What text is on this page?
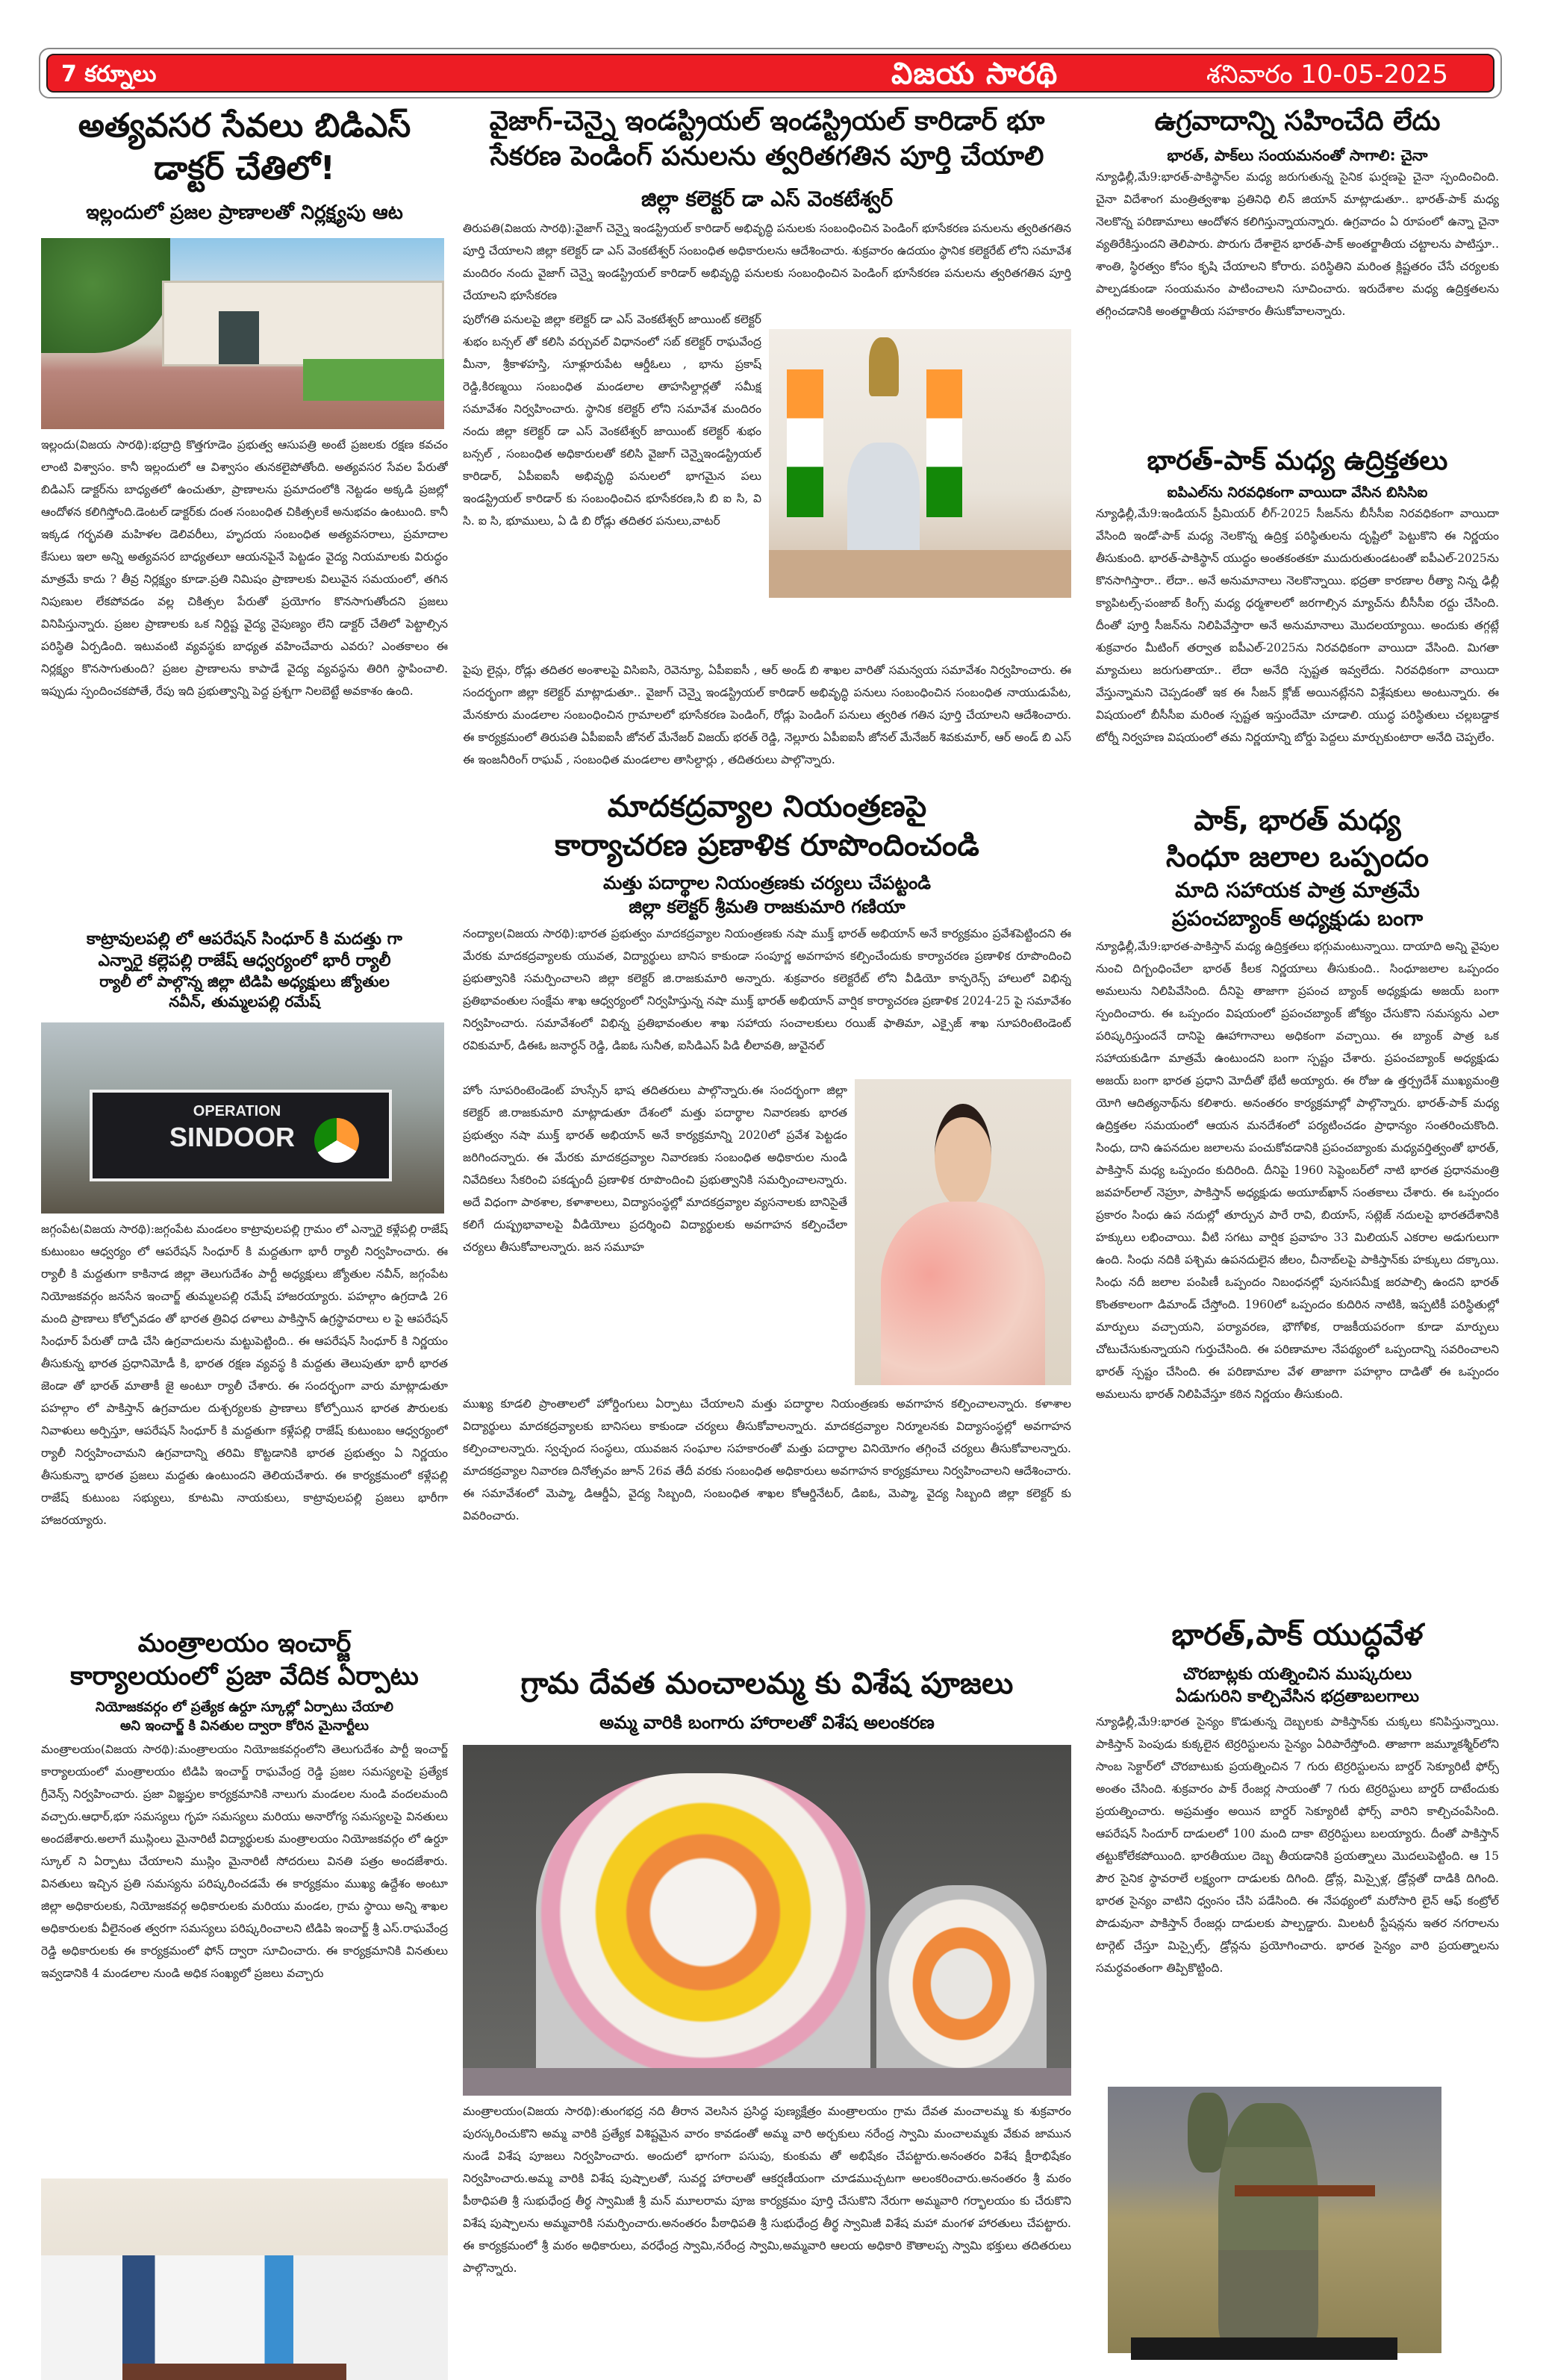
7 కర్నూలు	విజయ సారథి	శనివారం 10-05-2025
అత్యవసర సేవలు బిడిఎస్
డాక్టర్ చేతిలో!
ఇల్లందులో ప్రజల ప్రాణాలతో నిర్లక్ష్యపు ఆట
ఇల్లందు(విజయ సారథి):భద్రాద్రి కొత్తగూడెం ప్రభుత్వ ఆసుపత్రి అంటే ప్రజలకు రక్షణ కవచం లాంటి విశ్వాసం. కానీ ఇల్లందులో ఆ విశ్వాసం తునకలైపోతోంది. అత్యవసర సేవల పేరుతో బిడిఎస్ డాక్టర్‌ను బాధ్యతలో ఉంచుతూ, ప్రాణాలను ప్రమాదంలోకి నెట్టడం అక్కడి ప్రజల్లో ఆందోళన కలిగిస్తోంది.డెంటల్ డాక్టర్‌కు దంత సంబంధిత చికిత్సలకే అనుభవం ఉంటుంది. కానీ ఇక్కడ గర్భవతి మహిళల డెలివరీలు, హృదయ సంబంధిత అత్యవసరాలు, ప్రమాదాల కేసులు ఇలా అన్ని అత్యవసర బాధ్యతలూ ఆయనపైనే పెట్టడం వైద్య నియమాలకు విరుద్ధం మాత్రమే కాదు ? తీవ్ర నిర్లక్ష్యం కూడా.ప్రతి నిమిషం ప్రాణాలకు విలువైన సమయంలో, తగిన నిపుణుల లేకపోవడం వల్ల చికిత్సల పేరుతో ప్రయోగం కొనసాగుతోందని ప్రజలు వినిపిస్తున్నారు. ప్రజల ప్రాణాలకు ఒక నిర్దిష్ట వైద్య నైపుణ్యం లేని డాక్టర్ చేతిలో పెట్టాల్సిన పరిస్థితి ఏర్పడింది. ఇటువంటి వ్యవస్థకు బాధ్యత వహించేవారు ఎవరు? ఎంతకాలం ఈ నిర్లక్ష్యం కొనసాగుతుంది? ప్రజల ప్రాణాలను కాపాడే వైద్య వ్యవస్థను తిరిగి స్థాపించాలి. ఇప్పుడు స్పందించకపోతే, రేపు ఇది ప్రభుత్వాన్ని పెద్ద ప్రశ్నగా నిలబెట్టే అవకాశం ఉంది.
కాట్రావులపల్లి లో ఆపరేషన్ సింధూర్ కి మదత్తు గా
ఎన్నారై కల్లెపల్లి రాజేష్ ఆధ్వర్యంలో భారీ ర్యాలీ
ర్యాలీ లో పాల్గొన్న జిల్లా టిడిపి అధ్యక్షులు జ్యోతుల
నవీన్, తుమ్మలపల్లి రమేష్
OPERATION
SINDOOR
జగ్గంపేట(విజయ సారథి):జగ్గంపేట మండలం కాట్రావులపల్లి గ్రామం లో ఎన్నారై కళ్లేపల్లి రాజేష్ కుటుంబం ఆధ్వర్యం లో ఆపరేషన్ సింధూర్ కి మద్దతుగా భారీ ర్యాలీ నిర్వహించారు. ఈ ర్యాలీ కి మద్దతుగా కాకినాడ జిల్లా తెలుగుదేశం పార్టీ అధ్యక్షులు జ్యోతుల నవీన్, జగ్గంపేట నియోజకవర్గం జనసేన ఇంచార్జ్ తుమ్మలపల్లి రమేష్ హాజరయ్యారు. పహల్గాం ఉగ్రదాడి 26 మంది ప్రాణాలు కోల్పోవడం తో భారత త్రివిధ దళాలు పాకిస్తాన్ ఉగ్రస్థావరాలు ల పై ఆపరేషన్ సింధూర్ పేరుతో దాడి చేసి ఉగ్రవాదులను మట్టుపెట్టింది.. ఈ ఆపరేషన్ సింధూర్ కి నిర్ణయం తీసుకున్న భారత ప్రధానిమోడీ కి, భారత రక్షణ వ్యవస్థ కి మద్దతు తెలుపుతూ భారీ భారత జెండా తో భారత్ మాతాకీ జై అంటూ ర్యాలీ చేశారు. ఈ సందర్భంగా వారు మాట్లాడుతూ పహల్గాం లో పాకిస్తాన్ ఉగ్రవాదుల దుశ్చర్యలకు ప్రాణాలు కోల్పోయిన భారత పౌరులకు నివాళులు అర్పిస్తూ, ఆపరేషన్ సింధూర్ కి మద్దతుగా కళ్లేపల్లి రాజేష్ కుటుంబం ఆధ్వర్యంలో ర్యాలీ నిర్వహించామని ఉగ్రవాదాన్ని తరిమి కొట్టడానికి భారత ప్రభుత్వం ఏ నిర్ణయం తీసుకున్నా భారత ప్రజలు మద్దతు ఉంటుందని తెలియచేశారు. ఈ కార్యక్రమంలో కళ్లేపల్లి రాజేష్ కుటుంబ సభ్యులు, కూటమి నాయకులు, కాట్రావులపల్లి ప్రజలు భారీగా హాజరయ్యారు.
మంత్రాలయం ఇంచార్జ్
కార్యాలయంలో ప్రజా వేదిక ఏర్పాటు
నియోజకవర్గం లో ప్రత్యేక ఉర్దూ స్కూల్లో ఏర్పాటు చేయాలి
అని ఇంచార్జ్ కి వినతుల ద్వారా కోరిన మైనార్టీలు
మంత్రాలయం(విజయ సారథి):మంత్రాలయం నియోజకవర్గంలోని తెలుగుదేశం పార్టీ ఇంచార్జ్ కార్యాలయంలో మంత్రాలయం టిడిపి ఇంచార్జ్ రాఘవేంద్ర రెడ్డి ప్రజల సమస్యలపై ప్రత్యేక గ్రీవెన్స్ నిర్వహించారు. ప్రజా విజ్ఞప్తుల కార్యక్రమానికి నాలుగు మండలల నుండి వందలమంది వచ్చారు.ఆధార్,భూ సమస్యలు గృహ సమస్యలు మరియు అనారోగ్య సమస్యలపై వినతులు అందజేశారు.అలాగే ముస్లింలు మైనారిటీ విద్యార్థులకు మంత్రాలయం నియోజకవర్గం లో ఉర్దూ స్కూల్ ని ఏర్పాటు చేయాలని ముస్లిం మైనారిటీ సోదరులు వినతి పత్రం అందజేశారు. వినతులు ఇచ్చిన ప్రతి సమస్యను పరిష్కరించడమే ఈ కార్యక్రమం ముఖ్య ఉద్దేశం అంటూ జిల్లా అధికారులకు, నియోజకవర్గ అధికారులకు మరియు మండల, గ్రామ స్థాయి అన్ని శాఖల అధికారులకు వీలైనంత త్వరగా సమస్యలు పరిష్కరించాలని టిడిపి ఇంచార్జ్ శ్రీ ఎస్.రాఘవేంద్ర రెడ్డి అధికారులకు ఈ కార్యక్రమంలో ఫోన్ ద్వారా సూచించారు. ఈ కార్యక్రమానికి వినతులు ఇవ్వడానికి 4 మండలాల నుండి అధిక సంఖ్యలో ప్రజలు వచ్చారు
వైజాగ్-చెన్నై ఇండస్ట్రియల్ ఇండస్ట్రియల్ కారిడార్ భూ
సేకరణ పెండింగ్ పనులను త్వరితగతిన పూర్తి చేయాలి
జిల్లా కలెక్టర్ డా ఎస్ వెంకటేశ్వర్
తిరుపతి(విజయ సారథి):వైజాగ్ చెన్నై ఇండస్ట్రియల్ కారిడార్ అభివృద్ధి పనులకు సంబంధించిన పెండింగ్ భూసేకరణ పనులను త్వరితగతిన పూర్తి చేయాలని జిల్లా కలెక్టర్ డా ఎస్ వెంకటేశ్వర్ సంబంధిత అధికారులను ఆదేశించారు. శుక్రవారం ఉదయం స్థానిక కలెక్టరేట్ లోని సమావేశ మందిరం నందు వైజాగ్ చెన్నై ఇండస్ట్రియల్ కారిడార్ అభివృద్ధి పనులకు సంబంధించిన పెండింగ్ భూసేకరణ పనులను త్వరితగతిన పూర్తి చేయాలని భూసేకరణ
పురోగతి పనులపై జిల్లా కలెక్టర్ డా ఎస్ వెంకటేశ్వర్ జాయింట్ కలెక్టర్ శుభం బన్సల్ తో కలిసి వర్చువల్ విధానంలో సబ్ కలెక్టర్ రాఘవేంద్ర మీనా, శ్రీకాళహస్తి, సూళ్లూరుపేట ఆర్డీఓలు , భాను ప్రకాష్ రెడ్డి,కిరణ్మయి సంబంధిత మండలాల తాహసిల్దార్లతో సమీక్ష సమావేశం నిర్వహించారు. స్థానిక కలెక్టర్ లోని సమావేశ మందిరం నందు జిల్లా కలెక్టర్ డా ఎస్ వెంకటేశ్వర్ జాయింట్ కలెక్టర్ శుభం బన్సల్ , సంబంధిత అధికారులతో కలిసి వైజాగ్ చెన్నైఇండస్ట్రియల్ కారిడార్, ఏపీఐఐసీ అభివృద్ధి పనులలో భాగమైన పలు ఇండస్ట్రియల్ కారిడార్ కు సంబంధించిన భూసేకరణ,సి బి ఐ సి, వి సి. ఐ సి, భూములు, ఏ డి బి రోడ్లు తదితర పనులు,వాటర్
పైపు లైన్లు, రోడ్లు తదితర అంశాలపై విసిఐసి, రెవెన్యూ, ఏపీఐఐసీ , ఆర్ అండ్ బి శాఖల వారితో సమన్వయ సమావేశం నిర్వహించారు. ఈ సందర్భంగా జిల్లా కలెక్టర్ మాట్లాడుతూ.. వైజాగ్ చెన్నై ఇండస్ట్రియల్ కారిడార్ అభివృద్ధి పనులు సంబంధించిన సంబంధిత నాయుడుపేట, మేనకూరు మండలాల సంబంధించిన గ్రామాలలో భూసేకరణ పెండింగ్, రోడ్లు పెండింగ్ పనులు త్వరిత గతిన పూర్తి చేయాలని ఆదేశించారు. ఈ కార్యక్రమంలో తిరుపతి ఏపీఐఐసీ జోనల్ మేనేజర్ విజయ్ భరత్ రెడ్డి, నెల్లూరు ఏపీఐఐసీ జోనల్ మేనేజర్ శివకుమార్, ఆర్ అండ్ బి ఎస్ ఈ ఇంజనీరింగ్ రాఘవ్ , సంబంధిత మండలాల తాసిల్దార్లు , తదితరులు పాల్గొన్నారు.
మాదకద్రవ్యాల నియంత్రణపై
కార్యాచరణ ప్రణాళిక రూపొందించండి
మత్తు పదార్థాల నియంత్రణకు చర్యలు చేపట్టండి
జిల్లా కలెక్టర్ శ్రీమతి రాజకుమారి గణియా
నంద్యాల(విజయ సారథి):భారత ప్రభుత్వం మాదకద్రవ్యాల నియంత్రణకు నషా ముక్త్ భారత్ అభియాన్ అనే కార్యక్రమం ప్రవేశపెట్టిందని ఈ మేరకు మాదకద్రవ్యాలకు యువత, విద్యార్థులు బానిస కాకుండా సంపూర్ణ అవగాహన కల్పించేందుకు కార్యాచరణ ప్రణాళిక రూపొందించి ప్రభుత్వానికి సమర్పించాలని జిల్లా కలెక్టర్ జి.రాజకుమారి అన్నారు. శుక్రవారం కలెక్టరేట్ లోని వీడియో కాన్ఫరెన్స్ హాలులో విభిన్న ప్రతిభావంతుల సంక్షేమ శాఖ ఆధ్వర్యంలో నిర్వహిస్తున్న నషా ముక్త్ భారత్ అభియాన్ వార్షిక కార్యాచరణ ప్రణాళిక 2024-25 పై సమావేశం నిర్వహించారు. సమావేశంలో విభిన్న ప్రతిభావంతుల శాఖ సహాయ సంచాలకులు రయిజ్ ఫాతిమా, ఎక్సైజ్ శాఖ సూపరింటెండెంట్ రవికుమార్, డిఈఓ జనార్ధన్ రెడ్డి, డిఐఓ సునీత, ఐసిడిఎస్ పిడి లీలావతి, జువైనల్
హోం సూపరింటెండెంట్ హుస్సేన్ భాష తదితరులు పాల్గొన్నారు.ఈ సందర్భంగా జిల్లా కలెక్టర్ జి.రాజకుమారి మాట్లాడుతూ దేశంలో మత్తు పదార్థాల నివారణకు భారత ప్రభుత్వం నషా ముక్త్ భారత్ అభియాన్ అనే కార్యక్రమాన్ని 2020లో ప్రవేశ పెట్టడం జరిగిందన్నారు. ఈ మేరకు మాదకద్రవ్యాల నివారణకు సంబంధిత అధికారుల నుండి నివేదికలు సేకరించి పకడ్బందీ ప్రణాళిక రూపొందించి ప్రభుత్వానికి సమర్పించాలన్నారు. అదే విధంగా పాఠశాల, కళాశాలలు, విద్యాసంస్థల్లో మాదకద్రవ్యాల వ్యసనాలకు బానిసైతే కలిగే దుష్ప్రభావాలపై వీడియోలు ప్రదర్శించి విద్యార్థులకు అవగాహన కల్పించేలా చర్యలు తీసుకోవాలన్నారు. జన సమూహ
ముఖ్య కూడలి ప్రాంతాలలో హోర్డింగులు ఏర్పాటు చేయాలని మత్తు పదార్థాల నియంత్రణకు అవగాహన కల్పించాలన్నారు. కళాశాల విద్యార్థులు మాదకద్రవ్యాలకు బానిసలు కాకుండా చర్యలు తీసుకోవాలన్నారు. మాదకద్రవ్యాల నిర్మూలనకు విద్యాసంస్థల్లో అవగాహన కల్పించాలన్నారు. స్వచ్ఛంద సంస్థలు, యువజన సంఘాల సహకారంతో మత్తు పదార్థాల వినియోగం తగ్గించే చర్యలు తీసుకోవాలన్నారు. మాదకద్రవ్యాల నివారణ దినోత్సవం జూన్ 26వ తేదీ వరకు సంబంధిత అధికారులు అవగాహన కార్యక్రమాలు నిర్వహించాలని ఆదేశించారు. ఈ సమావేశంలో మెప్మా, డిఆర్డీఏ, వైద్య సిబ్బంది, సంబంధిత శాఖల కోఆర్డినేటర్, డిఐఓ, మెప్మా, వైద్య సిబ్బంది జిల్లా కలెక్టర్ కు వివరించారు.
గ్రామ దేవత మంచాలమ్మ కు విశేష పూజలు
అమ్మ వారికి బంగారు హారాలతో విశేష అలంకరణ
మంత్రాలయం(విజయ సారథి):తుంగభద్ర నది తీరాన వెలసిన ప్రసిద్ధ పుణ్యక్షేత్రం మంత్రాలయం గ్రామ దేవత మంచాలమ్మ కు శుక్రవారం పురస్కరించుకొని అమ్మ వారికి ప్రత్యేక విశిష్టమైన వారం కావడంతో అమ్మ వారి అర్చకులు నరేంద్ర స్వామి మంచాలమ్మకు వేకువ జామున నుండే విశేష పూజలు నిర్వహించారు. అందులో భాగంగా పసుపు, కుంకుమ తో అభిషేకం చేపట్టారు.అనంతరం విశేష క్షీరాభిషేకం నిర్వహించారు.అమ్మ వారికి విశేష పుష్పాలతో, సువర్ణ హారాలతో ఆకర్షణీయంగా చూడముచ్చటగా అలంకరించారు.అనంతరం శ్రీ మఠం పీఠాధిపతి శ్రీ సుభుధేంద్ర తీర్థ స్వామిజీ శ్రీ మన్ మూలరామ పూజ కార్యక్రమం పూర్తి చేసుకొని నేరుగా అమ్మవారి గర్భాలయం కు చేరుకొని విశేష పుష్పాలను అమ్మవారికి సమర్పించారు.అనంతరం పీఠాధిపతి శ్రీ సుభుధేంద్ర తీర్థ స్వామిజీ విశేష మహా మంగళ హారతులు చేపట్టారు. ఈ కార్యక్రమంలో శ్రీ మఠం అధికారులు, వరధేంద్ర స్వామి,నరేంద్ర స్వామి,అమ్మవారి ఆలయ అధికారి కౌతాలప్ప స్వామి భక్తులు తదితరులు పాల్గొన్నారు.
ఉగ్రవాదాన్ని సహించేది లేదు
భారత్, పాక్‌లు సంయమనంతో సాగాలి: చైనా
న్యూఢిల్లీ,మే9:భారత్-పాకిస్థాన్‌ల మధ్య జరుగుతున్న సైనిక ఘర్షణపై చైనా స్పందించింది. చైనా విదేశాంగ మంత్రిత్వశాఖ ప్రతినిధి లిన్ జియాన్ మాట్లాడుతూ.. భారత్-పాక్ మధ్య నెలకొన్న పరిణామాలు ఆందోళన కలిగిస్తున్నాయన్నారు. ఉగ్రవాదం ఏ రూపంలో ఉన్నా చైనా వ్యతిరేకిస్తుందని తెలిపారు. పొరుగు దేశాలైన భారత్-పాక్ అంతర్జాతీయ చట్టాలను పాటిస్తూ.. శాంతి, స్థిరత్వం కోసం కృషి చేయాలని కోరారు. పరిస్థితిని మరింత క్లిష్టతరం చేసే చర్యలకు పాల్పడకుండా సంయమనం పాటించాలని సూచించారు. ఇరుదేశాల మధ్య ఉద్రిక్తతలను తగ్గించడానికి అంతర్జాతీయ సహకారం తీసుకోవాలన్నారు.
భారత్-పాక్ మధ్య ఉద్రిక్తతలు
ఐపిఎల్‌ను నిరవధికంగా వాయిదా వేసిన బిసిసిఐ
న్యూఢిల్లీ,మే9:ఇండియన్ ప్రీమియర్ లీగ్-2025 సీజన్‌ను బీసీసీఐ నిరవధికంగా వాయిదా వేసింది ఇండో-పాక్ మధ్య నెలకొన్న ఉద్రిక్త పరిస్థితులను దృష్టిలో పెట్టుకొని ఈ నిర్ణయం తీసుకుంది. భారత్-పాకిస్థాన్ యుద్ధం అంతకంతకూ ముదురుతుండటంతో ఐపీఎల్-2025ను కొనసాగిస్తారా.. లేదా.. అనే అనుమానాలు నెలకొన్నాయి. భద్రతా కారణాల రీత్యా నిన్న ఢిల్లీ క్యాపిటల్స్-పంజాబ్ కింగ్స్ మధ్య ధర్మశాలలో జరగాల్సిన మ్యాచ్‌ను బీసీసీఐ రద్దు చేసింది. దీంతో పూర్తి సీజన్‌ను నిలిపివేస్తారా అనే అనుమానాలు మొదలయ్యాయి. అందుకు తగ్గట్లే శుక్రవారం మీటింగ్ తర్వాత ఐపీఎల్-2025ను నిరవధికంగా వాయిదా వేసింది. మిగతా మ్యాచులు జరుగుతాయా.. లేదా అనేది స్పష్టత ఇవ్వలేదు. నిరవధికంగా వాయిదా వేస్తున్నామని చెప్పడంతో ఇక ఈ సీజన్ క్లోజ్ అయినట్లేనని విశ్లేషకులు అంటున్నారు. ఈ విషయంలో బీసీసీఐ మరింత స్పష్టత ఇస్తుందేమో చూడాలి. యుద్ధ పరిస్థితులు చల్లబడ్డాక టోర్నీ నిర్వహణ విషయంలో తమ నిర్ణయాన్ని బోర్డు పెద్దలు మార్చుకుంటారా అనేది చెప్పలేం.
పాక్, భారత్ మధ్య
సింధూ జలాల ఒప్పందం
మాది సహాయక పాత్ర మాత్రమే
ప్రపంచబ్యాంక్ అధ్యక్షుడు బంగా
న్యూఢిల్లీ,మే9:భారత-పాకిస్తాన్ మధ్య ఉద్రిక్తతలు భగ్గుమంటున్నాయి. దాయాది అన్ని వైపుల నుంచి దిగ్బంధించేలా భారత్ కీలక నిర్ణయాలు తీసుకుంది.. సింధూజలాల ఒప్పందం అమలును నిలిపివేసింది. దీనిపై తాజాగా ప్రపంచ బ్యాంక్ అధ్యక్షుడు అజయ్ బంగా స్పందించారు. ఈ ఒప్పందం విషయంలో ప్రపంచబ్యాంక్ జోక్యం చేసుకొని సమస్యను ఎలా పరిష్కరిస్తుందనే దానిపై ఊహాగానాలు అధికంగా వచ్చాయి. ఈ బ్యాంక్ పాత్ర ఒక సహాయకుడిగా మాత్రమే ఉంటుందని బంగా స్పష్టం చేశారు. ప్రపంచబ్యాంక్ అధ్యక్షుడు అజయ్ బంగా భారత ప్రధాని మోదీతో భేటీ అయ్యారు. ఈ రోజు ఉ త్తర్ప్రదేశ్ ముఖ్యమంత్రి యోగి ఆదిత్యనాథ్‌ను కలిశారు. అనంతరం కార్యక్రమాల్లో పాల్గొన్నారు. భారత్-పాక్ మధ్య ఉద్రిక్తతల సమయంలో ఆయన మనదేశంలో పర్యటించడం ప్రాధాన్యం సంతరించుకొంది. సింధు, దాని ఉపనదుల జలాలను పంచుకోవడానికి ప్రపంచబ్యాంకు మధ్యవర్తిత్వంతో భారత్, పాకిస్తాన్ మధ్య ఒప్పందం కుదిరింది. దీనిపై 1960 సెప్టెంబర్‌లో నాటి భారత ప్రధానమంత్రి జవహర్‌లాల్ నెహ్రూ, పాకిస్తాన్ అధ్యక్షుడు అయూబ్‌ఖాన్ సంతకాలు చేశారు. ఈ ఒప్పందం ప్రకారం సింధు ఉప నదుల్లో తూర్పున పారే రావి, బియాస్, సట్లెజ్ నదులపై భారతదేశానికి హక్కులు లభించాయి. వీటి సగటు వార్షిక ప్రవాహం 33 మిలియన్ ఎకరాల అడుగులుగా ఉంది. సింధు నదికి పశ్చిమ ఉపనదులైన జీలం, చీనాబ్‌లపై పాకిస్తాన్‌కు హక్కులు దక్కాయి. సింధు నదీ జలాల పంపిణీ ఒప్పందం నిబంధనల్లో పునఃసమీక్ష జరపాల్సి ఉందని భారత్ కొంతకాలంగా డిమాండ్ చేస్తోంది. 1960లో ఒప్పందం కుదిరిన నాటికి, ఇప్పటికీ పరిస్థితుల్లో మార్పులు వచ్చాయని, పర్యావరణ, భౌగోళిక, రాజకీయపరంగా కూడా మార్పులు చోటుచేసుకున్నాయని గుర్తుచేసింది. ఈ పరిణామాల నేపథ్యంలో ఒప్పందాన్ని సవరించాలని భారత్ స్పష్టం చేసింది. ఈ పరిణామాల వేళ తాజాగా పహల్గాం దాడితో ఈ ఒప్పందం అమలును భారత్ నిలిపివేస్తూ కఠిన నిర్ణయం తీసుకుంది.
భారత్,పాక్ యుద్ధవేళ
చొరబాట్లకు యత్నించిన ముష్కరులు
ఏడుగురిని కాల్చివేసిన భద్రతాబలగాలు
న్యూఢిల్లీ,మే9:భారత సైన్యం కొడుతున్న దెబ్బలకు పాకిస్తాన్‌కు చుక్కలు కనిపిస్తున్నాయి. పాకిస్తాన్ పెంపుడు కుక్కలైన టెర్రరిస్టులను సైన్యం ఏరిపారేస్తోంది. తాజాగా జమ్మూకశ్మీర్‌లోని సాంబ సెక్టార్‌లో చొరబాటుకు ప్రయత్నించిన 7 గురు టెర్రరిస్టులను బార్డర్ సెక్యూరిటీ ఫోర్స్ అంతం చేసింది. శుక్రవారం పాక్ రేంజర్ల సాయంతో 7 గురు టెర్రరిస్టులు బార్డర్ దాటేందుకు ప్రయత్నించారు. అప్రమత్తం అయిన బార్డర్ సెక్యూరిటీ ఫోర్స్ వారిని కాల్చిచంపేసింది. ఆపరేషన్ సిందూర్ దాడులలో 100 మంది దాకా టెర్రరిస్టులు బలయ్యారు. దీంతో పాకిస్తాన్ తట్టుకోలేకపోయింది. భారతీయుల దెబ్బ తీయడానికి ప్రయత్నాలు మొదలుపెట్టింది. ఆ 15 పౌర సైనిక స్థావరాలే లక్ష్యంగా దాడులకు దిగింది. డ్రోన్ల, మిస్సైళ్ల, డ్రోన్లతో దాడికి దిగింది. భారత సైన్యం వాటిని ధ్వంసం చేసి పడేసింది. ఈ నేపథ్యంలో మరోసారి లైన్ ఆఫ్ కంట్రోల్ పొడువునా పాకిస్తాన్ రేంజర్లు దాడులకు పాల్పడ్డారు. మిలటరీ స్టేషన్లను ఇతర నగరాలను టార్గెట్ చేస్తూ మిస్సైల్స్, డ్రోన్లను ప్రయోగించారు. భారత సైన్యం వారి ప్రయత్నాలను సమర్ధవంతంగా తిప్పికొట్టింది.
